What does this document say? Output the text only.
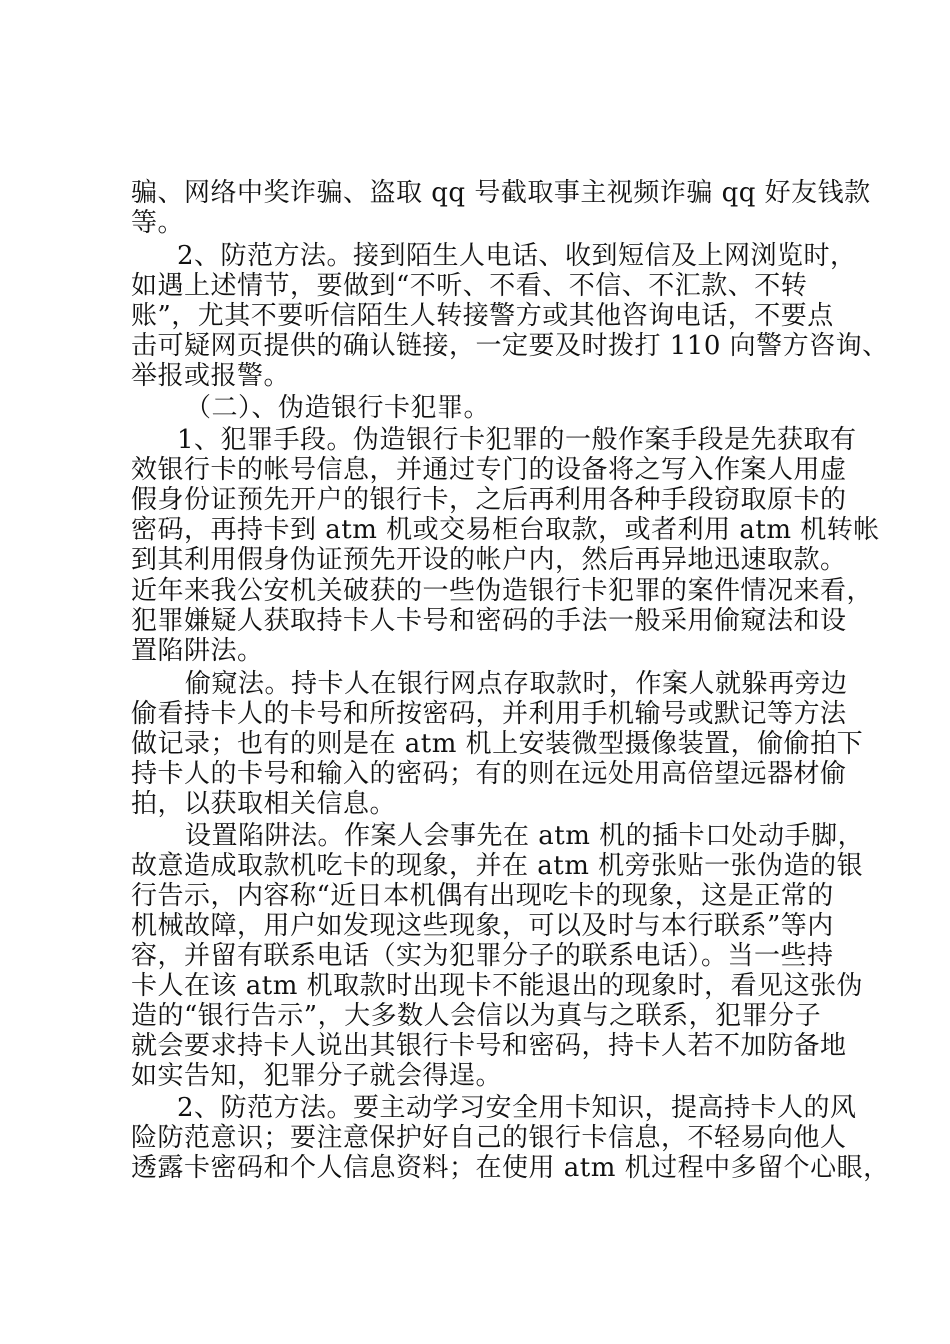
骗、网络中奖诈骗、盗取 qq 号截取事主视频诈骗 qq 好友钱款
等。
2、防范方法。接到陌生人电话、收到短信及上网浏览时，
如遇上述情节，要做到“不听、不看、不信、不汇款、不转
账”，尤其不要听信陌生人转接警方或其他咨询电话，不要点
击可疑网页提供的确认链接，一定要及时拨打 110 向警方咨询、
举报或报警。
（二）、伪造银行卡犯罪。
1、犯罪手段。伪造银行卡犯罪的一般作案手段是先获取有
效银行卡的帐号信息，并通过专门的设备将之写入作案人用虚
假身份证预先开户的银行卡，之后再利用各种手段窃取原卡的
密码，再持卡到 atm 机或交易柜台取款，或者利用 atm 机转帐
到其利用假身伪证预先开设的帐户内，然后再异地迅速取款。
近年来我公安机关破获的一些伪造银行卡犯罪的案件情况来看，
犯罪嫌疑人获取持卡人卡号和密码的手法一般采用偷窥法和设
置陷阱法。
偷窥法。持卡人在银行网点存取款时，作案人就躲再旁边
偷看持卡人的卡号和所按密码，并利用手机输号或默记等方法
做记录；也有的则是在 atm 机上安装微型摄像装置，偷偷拍下
持卡人的卡号和输入的密码；有的则在远处用高倍望远器材偷
拍，以获取相关信息。
设置陷阱法。作案人会事先在 atm 机的插卡口处动手脚，
故意造成取款机吃卡的现象，并在 atm 机旁张贴一张伪造的银
行告示，内容称“近日本机偶有出现吃卡的现象，这是正常的
机械故障，用户如发现这些现象，可以及时与本行联系”等内
容，并留有联系电话（实为犯罪分子的联系电话）。当一些持
卡人在该 atm 机取款时出现卡不能退出的现象时，看见这张伪
造的“银行告示”，大多数人会信以为真与之联系，犯罪分子
就会要求持卡人说出其银行卡号和密码，持卡人若不加防备地
如实告知，犯罪分子就会得逞。
2、防范方法。要主动学习安全用卡知识，提高持卡人的风
险防范意识；要注意保护好自己的银行卡信息，不轻易向他人
透露卡密码和个人信息资料；在使用 atm 机过程中多留个心眼，
